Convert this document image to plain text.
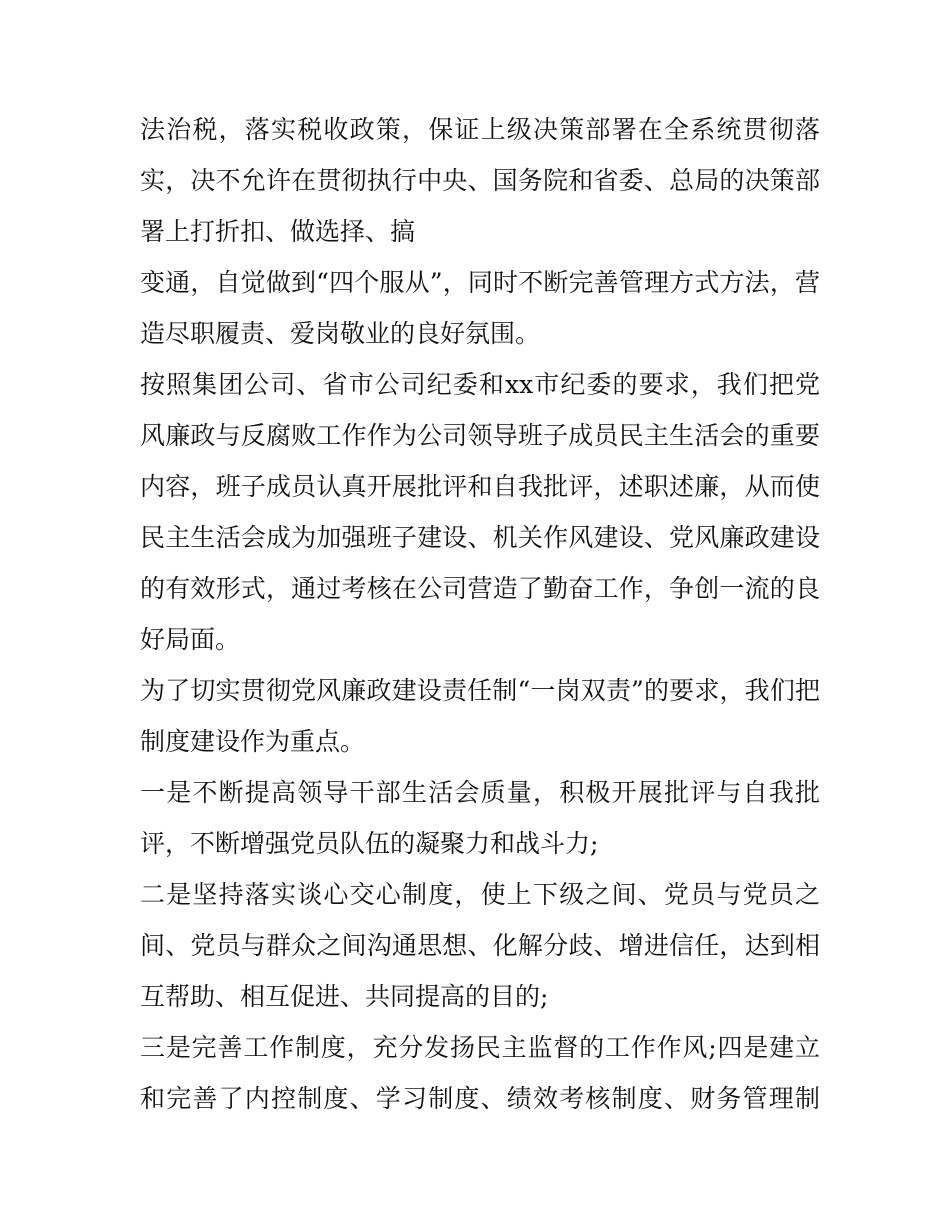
法治税，落实税收政策，保证上级决策部署在全系统贯彻落
实，决不允许在贯彻执行中央、国务院和省委、总局的决策部
署上打折扣、做选择、搞
变通，自觉做到“四个服从”，同时不断完善管理方式方法，营
造尽职履责、爱岗敬业的良好氛围。
按照集团公司、省市公司纪委和xx市纪委的要求，我们把党
风廉政与反腐败工作作为公司领导班子成员民主生活会的重要
内容，班子成员认真开展批评和自我批评，述职述廉，从而使
民主生活会成为加强班子建设、机关作风建设、党风廉政建设
的有效形式，通过考核在公司营造了勤奋工作，争创一流的良
好局面。
为了切实贯彻党风廉政建设责任制“一岗双责”的要求，我们把
制度建设作为重点。
一是不断提高领导干部生活会质量，积极开展批评与自我批
评，不断增强党员队伍的凝聚力和战斗力;
二是坚持落实谈心交心制度，使上下级之间、党员与党员之
间、党员与群众之间沟通思想、化解分歧、增进信任，达到相
互帮助、相互促进、共同提高的目的;
三是完善工作制度，充分发扬民主监督的工作作风;四是建立
和完善了内控制度、学习制度、绩效考核制度、财务管理制
